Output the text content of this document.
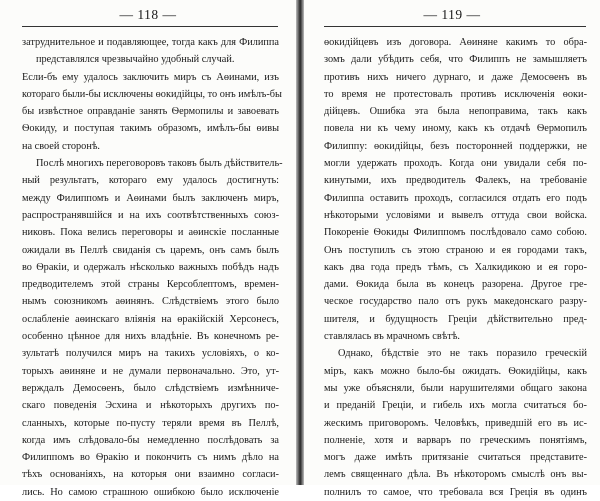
— 118 —
затруднительное и подавляющее, тогда какъ для Филиппа
представлялся чрезвычайно удобный случай.
Если-бъ ему удалось заключить миръ съ Аѳинами, изъ
котораго были-бы исключены ѳокидійцы, то онъ имѣлъ-бы
бы извѣстное оправданіе занять Ѳермопилы и завоевать
Ѳокиду, и поступая такимъ образомъ, имѣлъ-бы ѳивы
на своей сторонѣ.
Послѣ многихъ переговоровъ таковъ былъ дѣйствитель-
ный результатъ, котораго ему удалось достигнуть:
между Филиппомъ и Аѳинами былъ заключенъ миръ,
распространявшійся и на ихъ соотвѣтственныхъ союз-
никовъ. Пока велись переговоры и аѳинскіе посланные
ожидали въ Пеллѣ свиданія съ царемъ, онъ самъ былъ
во Ѳракіи, и одержалъ нѣсколько важныхъ побѣдъ надъ
предводителемъ этой страны Керсоблептомъ, времен-
нымъ союзникомъ аѳинянъ. Слѣдствіемъ этого было
ослабленіе аѳинскаго вліянія на ѳракійскій Херсонесъ,
особенно цѣнное для нихъ владѣніе. Въ конечномъ ре-
зультатѣ получился миръ на такихъ условіяхъ, о ко-
торыхъ аѳиняне и не думали первоначально. Это, ут-
верждалъ Демосѳенъ, было слѣдствіемъ измѣнниче-
скаго поведенія Эсхина и нѣкоторыхъ другихъ по-
сланныхъ, которые по-пусту теряли время въ Пеллѣ,
когда имъ слѣдовало-бы немедленно послѣдовать за
Филиппомъ во Ѳракію и покончить съ нимъ дѣло на
тѣхъ основаніяхъ, на которыя они взаимно согласи-
лись. Но самою страшною ошибкою было исключеніе
— 119 —
ѳокидійцевъ изъ договора. Аѳиняне какимъ то обра-
зомъ дали убѣдить себя, что Филиппъ не замышляетъ
противъ нихъ ничего дурнаго, и даже Демосѳенъ въ
то время не протестовалъ противъ исключенія ѳоки-
дійцевъ. Ошибка эта была непоправима, такъ какъ
повела ни къ чему иному, какъ къ отдачѣ Ѳермопилъ
Филиппу: ѳокидійцы, безъ посторонней поддержки, не
могли удержать проходъ. Когда они увидали себя по-
кинутыми, ихъ предводитель Фалекъ, на требованіе
Филиппа оставить проходъ, согласился отдать его подъ
нѣкоторыми условіями и вывелъ оттуда свои войска.
Покореніе Ѳокиды Филиппомъ послѣдовало само собою.
Онъ поступилъ съ этою страною и ея городами такъ,
какъ два года предъ тѣмъ, съ Халкидикою и ея горо-
дами. Ѳокида была въ конецъ разорена. Другое гре-
ческое государство пало отъ рукъ македонскаго разру-
шителя, и будущность Греціи дѣйствительно пред-
ставлялась въ мрачномъ свѣтѣ.
Однако, бѣдствіе это не такъ поразило греческій
міръ, какъ можно было-бы ожидать. Ѳокидійцы, какъ
мы уже объясняли, были нарушителями общаго закона
и преданій Греціи, и гибель ихъ могла считаться бо-
жескимъ приговоромъ. Человѣкъ, приведшій его въ ис-
полненіе, хотя и варваръ по греческимъ понятіямъ,
могъ даже имѣть притязаніе считаться представите-
лемъ священнаго дѣла. Въ нѣкоторомъ смыслѣ онъ вы-
полнилъ то самое, что требовала вся Греція въ одинъ
